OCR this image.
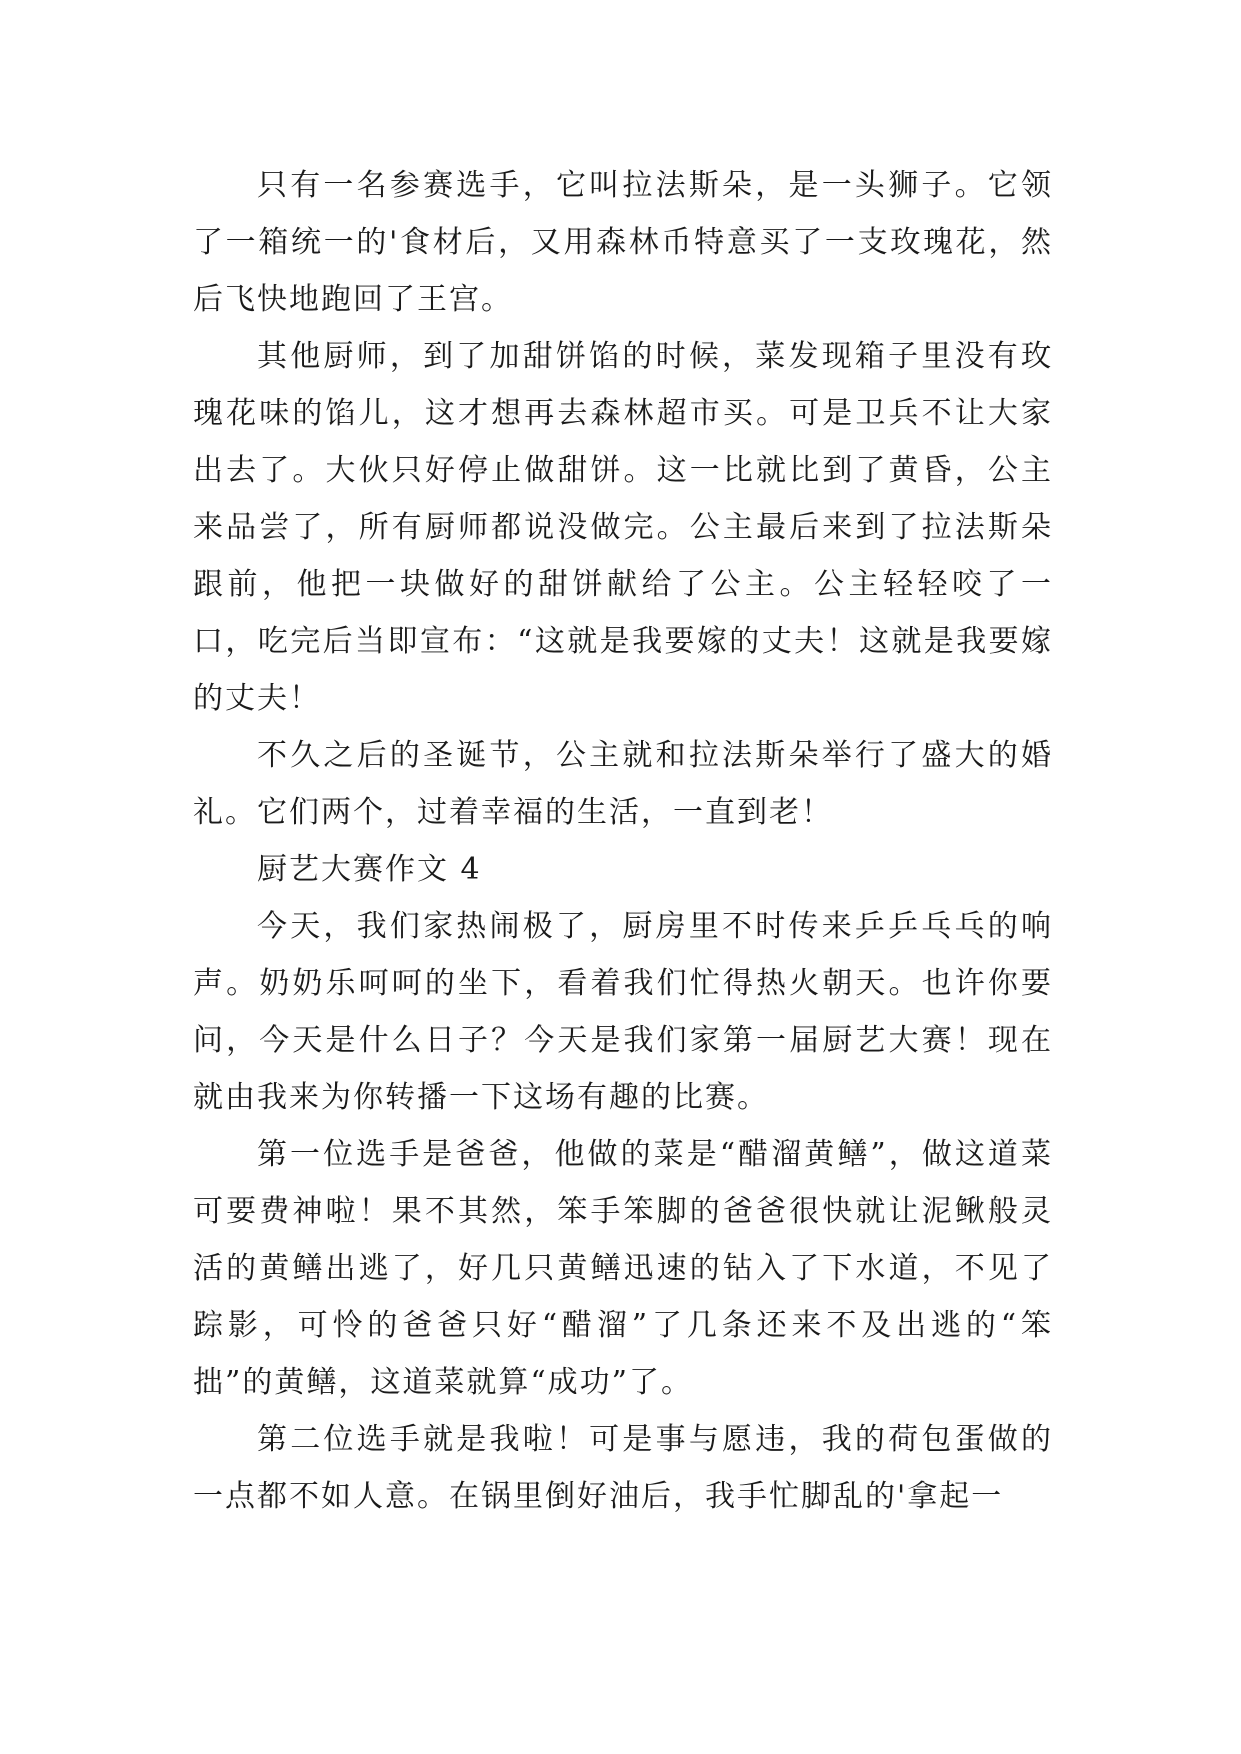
只有一名参赛选手，它叫拉法斯朵，是一头狮子。它领了一箱统一的'食材后，又用森林币特意买了一支玫瑰花，然后飞快地跑回了王宫。

其他厨师，到了加甜饼馅的时候，菜发现箱子里没有玫瑰花味的馅儿，这才想再去森林超市买。可是卫兵不让大家出去了。大伙只好停止做甜饼。这一比就比到了黄昏，公主来品尝了，所有厨师都说没做完。公主最后来到了拉法斯朵跟前，他把一块做好的甜饼献给了公主。公主轻轻咬了一口，吃完后当即宣布：“这就是我要嫁的丈夫！这就是我要嫁的丈夫！

不久之后的圣诞节，公主就和拉法斯朵举行了盛大的婚礼。它们两个，过着幸福的生活，一直到老！

厨艺大赛作文 4

今天，我们家热闹极了，厨房里不时传来乒乒乓乓的响声。奶奶乐呵呵的坐下，看着我们忙得热火朝天。也许你要问，今天是什么日子？今天是我们家第一届厨艺大赛！现在就由我来为你转播一下这场有趣的比赛。

第一位选手是爸爸，他做的菜是“醋溜黄鳝”，做这道菜可要费神啦！果不其然，笨手笨脚的爸爸很快就让泥鳅般灵活的黄鳝出逃了，好几只黄鳝迅速的钻入了下水道，不见了踪影，可怜的爸爸只好“醋溜”了几条还来不及出逃的“笨拙”的黄鳝，这道菜就算“成功”了。

第二位选手就是我啦！可是事与愿违，我的荷包蛋做的一点都不如人意。在锅里倒好油后，我手忙脚乱的'拿起一
